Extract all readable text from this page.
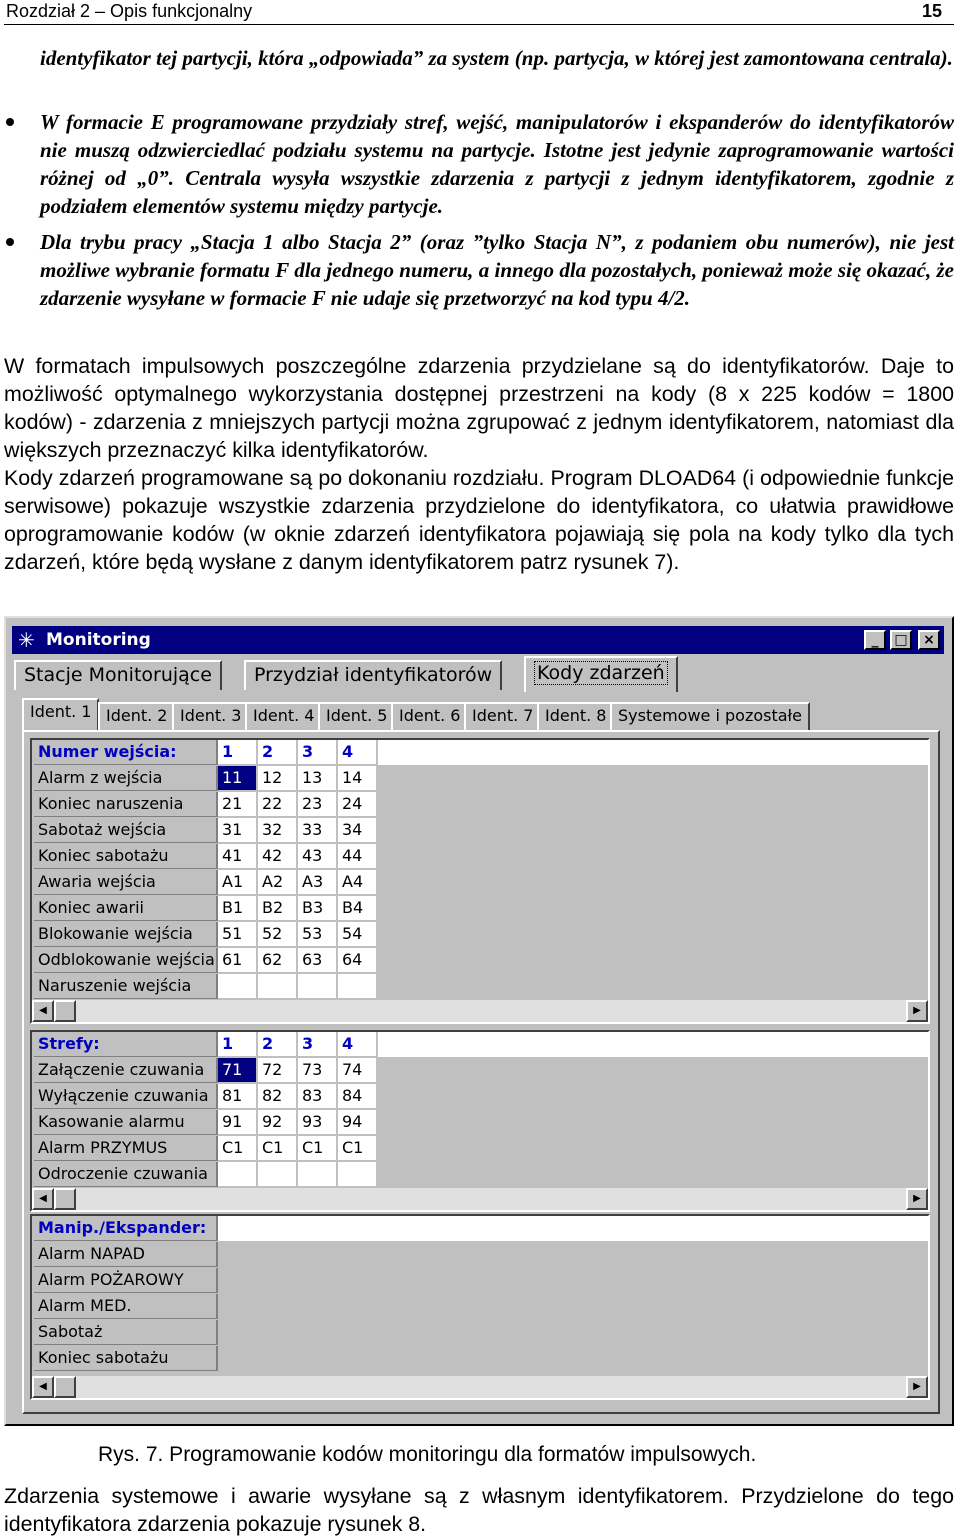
Rozdział 2 – Opis funkcjonalny	15

identyfikator tej partycji, która „odpowiada” za system (np. partycja, w której jest zamontowana centrala).

W formacie E programowane przydziały stref, wejść, manipulatorów i ekspanderów do identyfikatorów nie muszą odzwierciedlać podziału systemu na partycje. Istotne jest jedynie zaprogramowanie wartości różnej od „0”. Centrala wysyła wszystkie zdarzenia z partycji z jednym identyfikatorem, zgodnie z podziałem elementów systemu między partycje.

Dla trybu pracy „Stacja 1 albo Stacja 2” (oraz ”tylko Stacja N”, z podaniem obu numerów), nie jest możliwe wybranie formatu F dla jednego numeru, a innego dla pozostałych, ponieważ może się okazać, że zdarzenie wysyłane w formacie F nie udaje się przetworzyć na kod typu 4/2.

W formatach impulsowych poszczególne zdarzenia przydzielane są do identyfikatorów. Daje to możliwość optymalnego wykorzystania dostępnej przestrzeni na kody (8 x 225 kodów = 1800 kodów) - zdarzenia z mniejszych partycji można zgrupować z jednym identyfikatorem, natomiast dla większych przeznaczyć kilka identyfikatorów.

Kody zdarzeń programowane są po dokonaniu rozdziału. Program DLOAD64 (i odpowiednie funkcje serwisowe) pokazuje wszystkie zdarzenia przydzielone do identyfikatora, co ułatwia prawidłowe oprogramowanie kodów (w oknie zdarzeń identyfikatora pojawiają się pola na kody tylko dla tych zdarzeń, które będą wysłane z danym identyfikatorem patrz rysunek 7).

✳ Monitoring	_	□	×
Stacje Monitorujące	Przydział identyfikatorów	Kody zdarzeń
Ident. 1 Ident. 2 Ident. 3 Ident. 4 Ident. 5 Ident. 6 Ident. 7 Ident. 8 Systemowe i pozostałe
Numer wejścia:	1	2	3	4
Alarm z wejścia	11	12	13	14
Koniec naruszenia	21	22	23	24
Sabotaż wejścia	31	32	33	34
Koniec sabotażu	41	42	43	44
Awaria wejścia	A1	A2	A3	A4
Koniec awarii	B1	B2	B3	B4
Blokowanie wejścia	51	52	53	54
Odblokowanie wejścia 61	62	63	64
Naruszenie wejścia
◀	▶
Strefy:	1	2	3	4
Załączenie czuwania	71	72	73	74
Wyłączenie czuwania 81	82	83	84
Kasowanie alarmu	91	92	93	94
Alarm PRZYMUS	C1	C1	C1	C1
Odroczenie czuwania
◀	▶
Manip./Ekspander:
Alarm NAPAD
Alarm POŻAROWY
Alarm MED.
Sabotaż
Koniec sabotażu
◀	▶
Rys. 7. Programowanie kodów monitoringu dla formatów impulsowych.

Zdarzenia systemowe i awarie wysyłane są z własnym identyfikatorem. Przydzielone do tego identyfikatora zdarzenia pokazuje rysunek 8.
